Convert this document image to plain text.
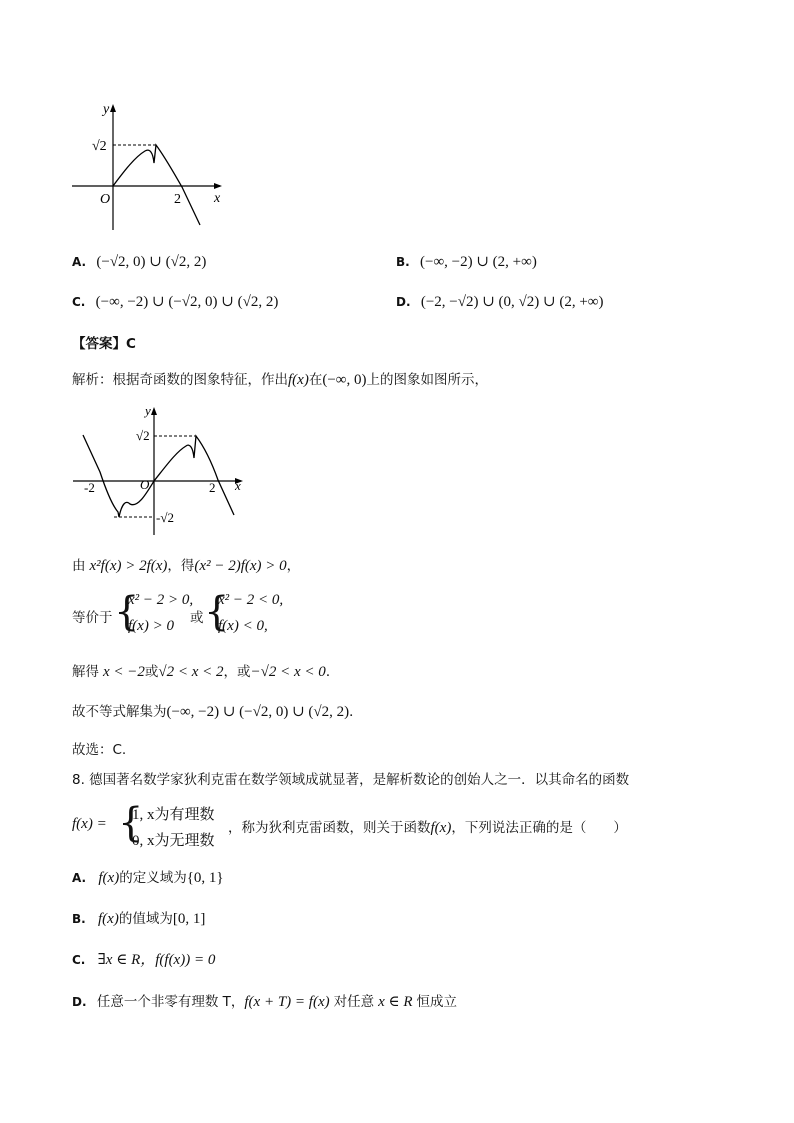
y
x
O
√2
2
A. (−√2, 0) ∪ (√2, 2)	B. (−∞, −2) ∪ (2, +∞)
C. (−∞, −2) ∪ (−√2, 0) ∪ (√2, 2)	D. (−2, −√2) ∪ (0, √2) ∪ (2, +∞)
【答案】C
解析：根据奇函数的图象特征，作出f(x)在(−∞, 0)上的图象如图所示，
y
x
O
√2
-√2
2
-2
由 x²f(x) > 2f(x)，得(x² − 2)f(x) > 0，
等价于 {
x² − 2 > 0,
f(x) > 0 或 {
x² − 2 < 0,
f(x) < 0,
解得 x < −2或√2 < x < 2，或−√2 < x < 0．
故不等式解集为(−∞, −2) ∪ (−√2, 0) ∪ (√2, 2)．
故选：C.
8. 德国著名数学家狄利克雷在数学领域成就显著，是解析数论的创始人之一．以其命名的函数
f(x) = {
1, x为有理数
0, x为无理数
，称为狄利克雷函数，则关于函数f(x)，下列说法正确的是（　　）
A. f(x)的定义域为{0, 1}
B. f(x)的值域为[0, 1]
C. ∃x ∈ R，f(f(x)) = 0
D. 任意一个非零有理数 T，f(x + T) = f(x) 对任意 x ∈ R 恒成立
